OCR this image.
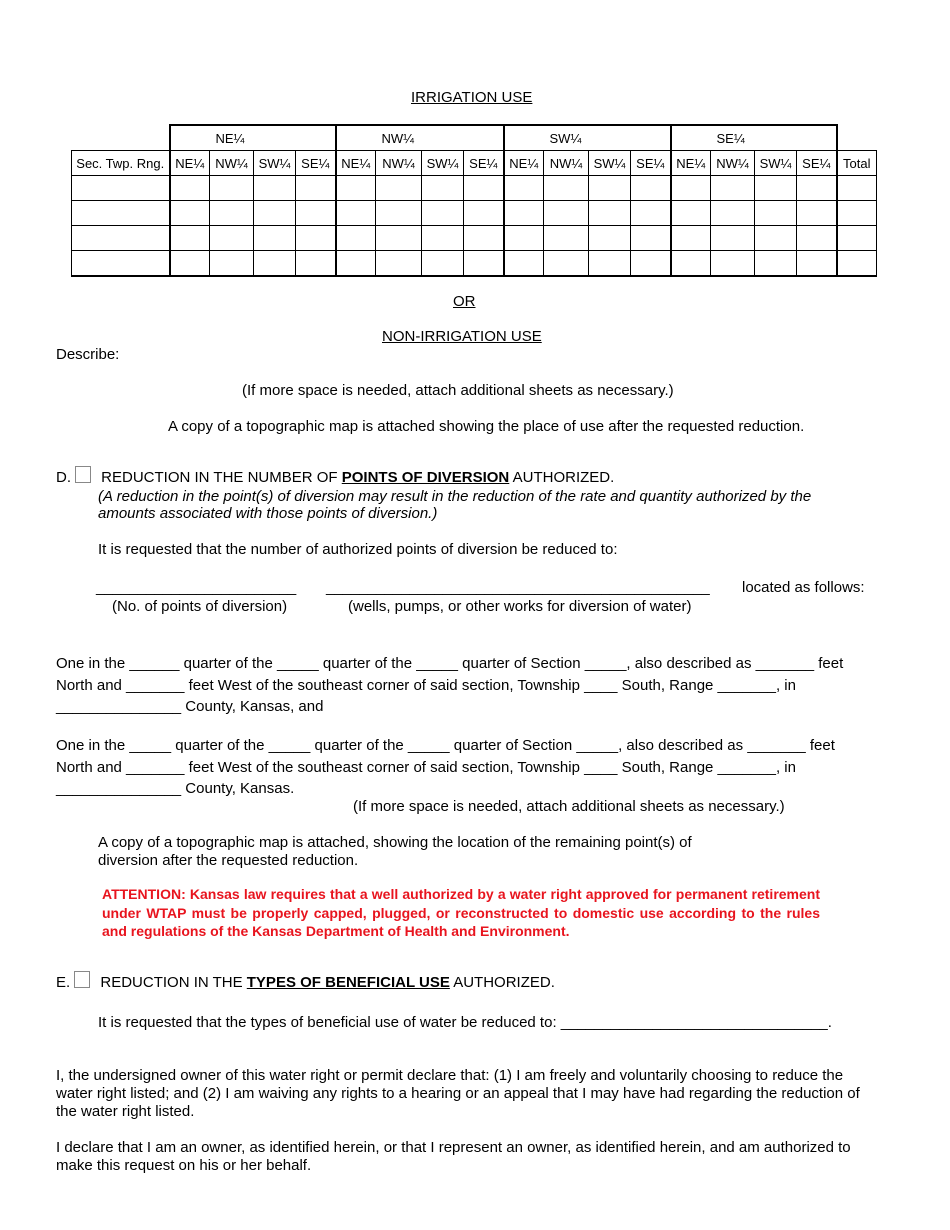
IRRIGATION USE
	NE¼				NW¼				SW¼				SE¼				
Sec. Twp. Rng.	NE¼	NW¼	SW¼	SE¼	NE¼	NW¼	SW¼	SE¼	NE¼	NW¼	SW¼	SE¼	NE¼	NW¼	SW¼	SE¼	Total

OR
NON-IRRIGATION USE
Describe:
(If more space is needed, attach additional sheets as necessary.)
A copy of a topographic map is attached showing the place of use after the requested reduction.
D. REDUCTION IN THE NUMBER OF POINTS OF DIVERSION AUTHORIZED.
(A reduction in the point(s) of diversion may result in the reduction of the rate and quantity authorized by the
amounts associated with those points of diversion.)
It is requested that the number of authorized points of diversion be reduced to:
________________________ ______________________________________________ located as follows:
(No. of points of diversion)	(wells, pumps, or other works for diversion of water)
One in the ______ quarter of the _____ quarter of the _____ quarter of Section _____, also described as _______ feet
North and _______ feet West of the southeast corner of said section, Township ____ South, Range _______, in
_______________ County, Kansas, and
One in the _____ quarter of the _____ quarter of the _____ quarter of Section _____, also described as _______ feet
North and _______ feet West of the southeast corner of said section, Township ____ South, Range _______, in
_______________ County, Kansas.
(If more space is needed, attach additional sheets as necessary.)
A copy of a topographic map is attached, showing the location of the remaining point(s) of
diversion after the requested reduction.
ATTENTION: Kansas law requires that a well authorized by a water right approved for permanent retirement under WTAP must be properly capped, plugged, or reconstructed to domestic use according to the rules and regulations of the Kansas Department of Health and Environment.
E. REDUCTION IN THE TYPES OF BENEFICIAL USE AUTHORIZED.
It is requested that the types of beneficial use of water be reduced to: ________________________________.
I, the undersigned owner of this water right or permit declare that: (1) I am freely and voluntarily choosing to reduce the water right listed; and (2) I am waiving any rights to a hearing or an appeal that I may have had regarding the reduction of the water right listed.
I declare that I am an owner, as identified herein, or that I represent an owner, as identified herein, and am authorized to make this request on his or her behalf.
